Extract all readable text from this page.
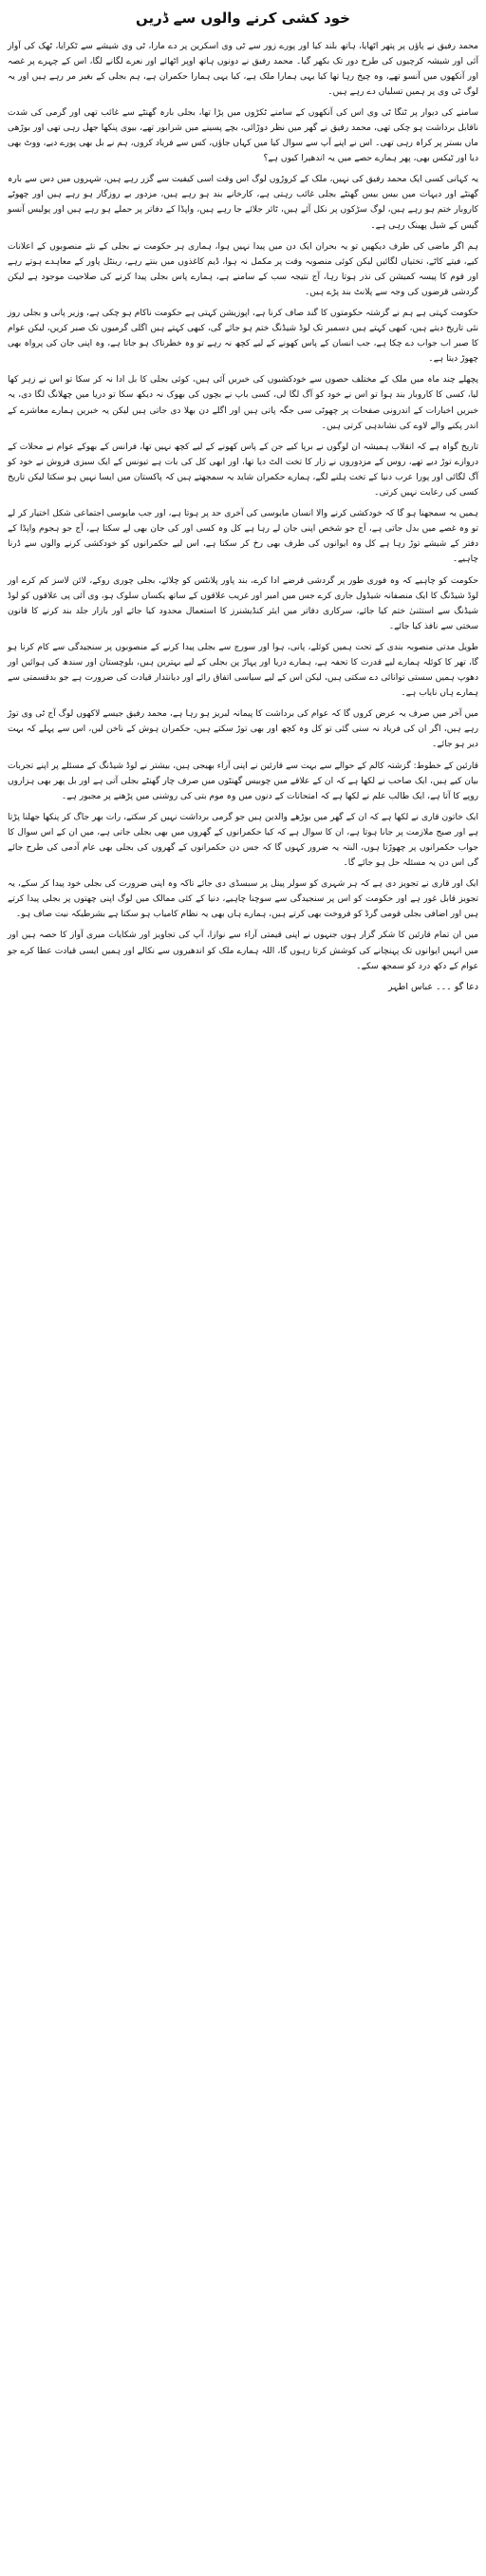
خود کشی کرنے والوں سے ڈریں

محمد رفیق نے پاؤں پر پتھر اٹھایا، ہاتھ بلند کیا اور پورے زور سے ٹی وی اسکرین پر دے مارا، ٹی وی شیشے سے ٹکرایا، ٹھک کی آواز آئی اور شیشہ کرچیوں کی طرح دور تک بکھر گیا۔ محمد رفیق نے دونوں ہاتھ اوپر اٹھائے اور نعرے لگانے لگا، اس کے چہرے پر غصہ اور آنکھوں میں آنسو تھے، وہ چیخ رہا تھا کیا یہی ہمارا ملک ہے، کیا یہی ہمارا حکمران ہے، ہم بجلی کے بغیر مر رہے ہیں اور یہ لوگ ٹی وی پر ہمیں تسلیاں دے رہے ہیں۔

سامنے کی دیوار پر ٹنگا ٹی وی اس کی آنکھوں کے سامنے ٹکڑوں میں پڑا تھا، بجلی بارہ گھنٹے سے غائب تھی اور گرمی کی شدت ناقابل برداشت ہو چکی تھی، محمد رفیق نے گھر میں نظر دوڑائی، بچے پسینے میں شرابور تھے، بیوی پنکھا جھل رہی تھی اور بوڑھی ماں بستر پر کراہ رہی تھی۔ اس نے اپنے آپ سے سوال کیا میں کہاں جاؤں، کس سے فریاد کروں، ہم نے بل بھی پورے دیے، ووٹ بھی دیا اور ٹیکس بھی، پھر ہمارے حصے میں یہ اندھیرا کیوں ہے؟

یہ کہانی کسی ایک محمد رفیق کی نہیں، ملک کے کروڑوں لوگ اس وقت اسی کیفیت سے گزر رہے ہیں، شہروں میں دس سے بارہ گھنٹے اور دیہات میں بیس بیس گھنٹے بجلی غائب رہتی ہے، کارخانے بند ہو رہے ہیں، مزدور بے روزگار ہو رہے ہیں اور چھوٹے کاروبار ختم ہو رہے ہیں، لوگ سڑکوں پر نکل آئے ہیں، ٹائر جلائے جا رہے ہیں، واپڈا کے دفاتر پر حملے ہو رہے ہیں اور پولیس آنسو گیس کے شیل پھینک رہی ہے۔

ہم اگر ماضی کی طرف دیکھیں تو یہ بحران ایک دن میں پیدا نہیں ہوا، ہماری ہر حکومت نے بجلی کے نئے منصوبوں کے اعلانات کیے، فیتے کاٹے، تختیاں لگائیں لیکن کوئی منصوبہ وقت پر مکمل نہ ہوا، ڈیم کاغذوں میں بنتے رہے، رینٹل پاور کے معاہدے ہوتے رہے اور قوم کا پیسہ کمیشن کی نذر ہوتا رہا، آج نتیجہ سب کے سامنے ہے، ہمارے پاس بجلی پیدا کرنے کی صلاحیت موجود ہے لیکن گردشی قرضوں کی وجہ سے پلانٹ بند پڑے ہیں۔

حکومت کہتی ہے ہم نے گزشتہ حکومتوں کا گند صاف کرنا ہے، اپوزیشن کہتی ہے حکومت ناکام ہو چکی ہے، وزیر پانی و بجلی روز نئی تاریخ دیتے ہیں، کبھی کہتے ہیں دسمبر تک لوڈ شیڈنگ ختم ہو جائے گی، کبھی کہتے ہیں اگلی گرمیوں تک صبر کریں، لیکن عوام کا صبر اب جواب دے چکا ہے، جب انسان کے پاس کھونے کے لیے کچھ نہ رہے تو وہ خطرناک ہو جاتا ہے، وہ اپنی جان کی پرواہ بھی چھوڑ دیتا ہے۔

پچھلے چند ماہ میں ملک کے مختلف حصوں سے خودکشیوں کی خبریں آئی ہیں، کوئی بجلی کا بل ادا نہ کر سکا تو اس نے زہر کھا لیا، کسی کا کاروبار بند ہوا تو اس نے خود کو آگ لگا لی، کسی باپ نے بچوں کی بھوک نہ دیکھ سکا تو دریا میں چھلانگ لگا دی، یہ خبریں اخبارات کے اندرونی صفحات پر چھوٹی سی جگہ پاتی ہیں اور اگلے دن بھلا دی جاتی ہیں لیکن یہ خبریں ہمارے معاشرے کے اندر پکنے والے لاوے کی نشاندہی کرتی ہیں۔

تاریخ گواہ ہے کہ انقلاب ہمیشہ ان لوگوں نے برپا کیے جن کے پاس کھونے کے لیے کچھ نہیں تھا، فرانس کے بھوکے عوام نے محلات کے دروازے توڑ دیے تھے، روس کے مزدوروں نے زار کا تخت الٹ دیا تھا، اور ابھی کل کی بات ہے تیونس کے ایک سبزی فروش نے خود کو آگ لگائی اور پورا عرب دنیا کے تخت ہلنے لگے، ہمارے حکمران شاید یہ سمجھتے ہیں کہ پاکستان میں ایسا نہیں ہو سکتا لیکن تاریخ کسی کی رعایت نہیں کرتی۔

ہمیں یہ سمجھنا ہو گا کہ خودکشی کرنے والا انسان مایوسی کی آخری حد پر ہوتا ہے، اور جب مایوسی اجتماعی شکل اختیار کر لے تو وہ غصے میں بدل جاتی ہے، آج جو شخص اپنی جان لے رہا ہے کل وہ کسی اور کی جان بھی لے سکتا ہے، آج جو ہجوم واپڈا کے دفتر کے شیشے توڑ رہا ہے کل وہ ایوانوں کی طرف بھی رخ کر سکتا ہے، اس لیے حکمرانوں کو خودکشی کرنے والوں سے ڈرنا چاہیے۔

حکومت کو چاہیے کہ وہ فوری طور پر گردشی قرضے ادا کرے، بند پاور پلانٹس کو چلائے، بجلی چوری روکے، لائن لاسز کم کرے اور لوڈ شیڈنگ کا ایک منصفانہ شیڈول جاری کرے جس میں امیر اور غریب علاقوں کے ساتھ یکساں سلوک ہو، وی آئی پی علاقوں کو لوڈ شیڈنگ سے استثنیٰ ختم کیا جائے، سرکاری دفاتر میں ایئر کنڈیشنرز کا استعمال محدود کیا جائے اور بازار جلد بند کرنے کا قانون سختی سے نافذ کیا جائے۔

طویل مدتی منصوبہ بندی کے تحت ہمیں کوئلے، پانی، ہوا اور سورج سے بجلی پیدا کرنے کے منصوبوں پر سنجیدگی سے کام کرنا ہو گا، تھر کا کوئلہ ہمارے لیے قدرت کا تحفہ ہے، ہمارے دریا اور پہاڑ پن بجلی کے لیے بہترین ہیں، بلوچستان اور سندھ کی ہوائیں اور دھوپ ہمیں سستی توانائی دے سکتی ہیں، لیکن اس کے لیے سیاسی اتفاق رائے اور دیانتدار قیادت کی ضرورت ہے جو بدقسمتی سے ہمارے ہاں نایاب ہے۔

میں آخر میں صرف یہ عرض کروں گا کہ عوام کی برداشت کا پیمانہ لبریز ہو رہا ہے، محمد رفیق جیسے لاکھوں لوگ آج ٹی وی توڑ رہے ہیں، اگر ان کی فریاد نہ سنی گئی تو کل وہ کچھ اور بھی توڑ سکتے ہیں، حکمران ہوش کے ناخن لیں، اس سے پہلے کہ بہت دیر ہو جائے۔

قارئین کے خطوط: گزشتہ کالم کے حوالے سے بہت سے قارئین نے اپنی آراء بھیجی ہیں، بیشتر نے لوڈ شیڈنگ کے مسئلے پر اپنے تجربات بیان کیے ہیں، ایک صاحب نے لکھا ہے کہ ان کے علاقے میں چوبیس گھنٹوں میں صرف چار گھنٹے بجلی آتی ہے اور بل پھر بھی ہزاروں روپے کا آتا ہے، ایک طالب علم نے لکھا ہے کہ امتحانات کے دنوں میں وہ موم بتی کی روشنی میں پڑھنے پر مجبور ہے۔

ایک خاتون قاری نے لکھا ہے کہ ان کے گھر میں بوڑھے والدین ہیں جو گرمی برداشت نہیں کر سکتے، رات بھر جاگ کر پنکھا جھلنا پڑتا ہے اور صبح ملازمت پر جانا ہوتا ہے، ان کا سوال ہے کہ کیا حکمرانوں کے گھروں میں بھی بجلی جاتی ہے، میں ان کے اس سوال کا جواب حکمرانوں پر چھوڑتا ہوں، البتہ یہ ضرور کہوں گا کہ جس دن حکمرانوں کے گھروں کی بجلی بھی عام آدمی کی طرح جائے گی اس دن یہ مسئلہ حل ہو جائے گا۔

ایک اور قاری نے تجویز دی ہے کہ ہر شہری کو سولر پینل پر سبسڈی دی جائے تاکہ وہ اپنی ضرورت کی بجلی خود پیدا کر سکے، یہ تجویز قابل غور ہے اور حکومت کو اس پر سنجیدگی سے سوچنا چاہیے، دنیا کے کئی ممالک میں لوگ اپنی چھتوں پر بجلی پیدا کرتے ہیں اور اضافی بجلی قومی گرڈ کو فروخت بھی کرتے ہیں، ہمارے ہاں بھی یہ نظام کامیاب ہو سکتا ہے بشرطیکہ نیت صاف ہو۔

میں ان تمام قارئین کا شکر گزار ہوں جنہوں نے اپنی قیمتی آراء سے نوازا، آپ کی تجاویز اور شکایات میری آواز کا حصہ ہیں اور میں انہیں ایوانوں تک پہنچانے کی کوشش کرتا رہوں گا، اللہ ہمارے ملک کو اندھیروں سے نکالے اور ہمیں ایسی قیادت عطا کرے جو عوام کے دکھ درد کو سمجھ سکے۔

دعا گو ۔۔۔ عباس اطہر
